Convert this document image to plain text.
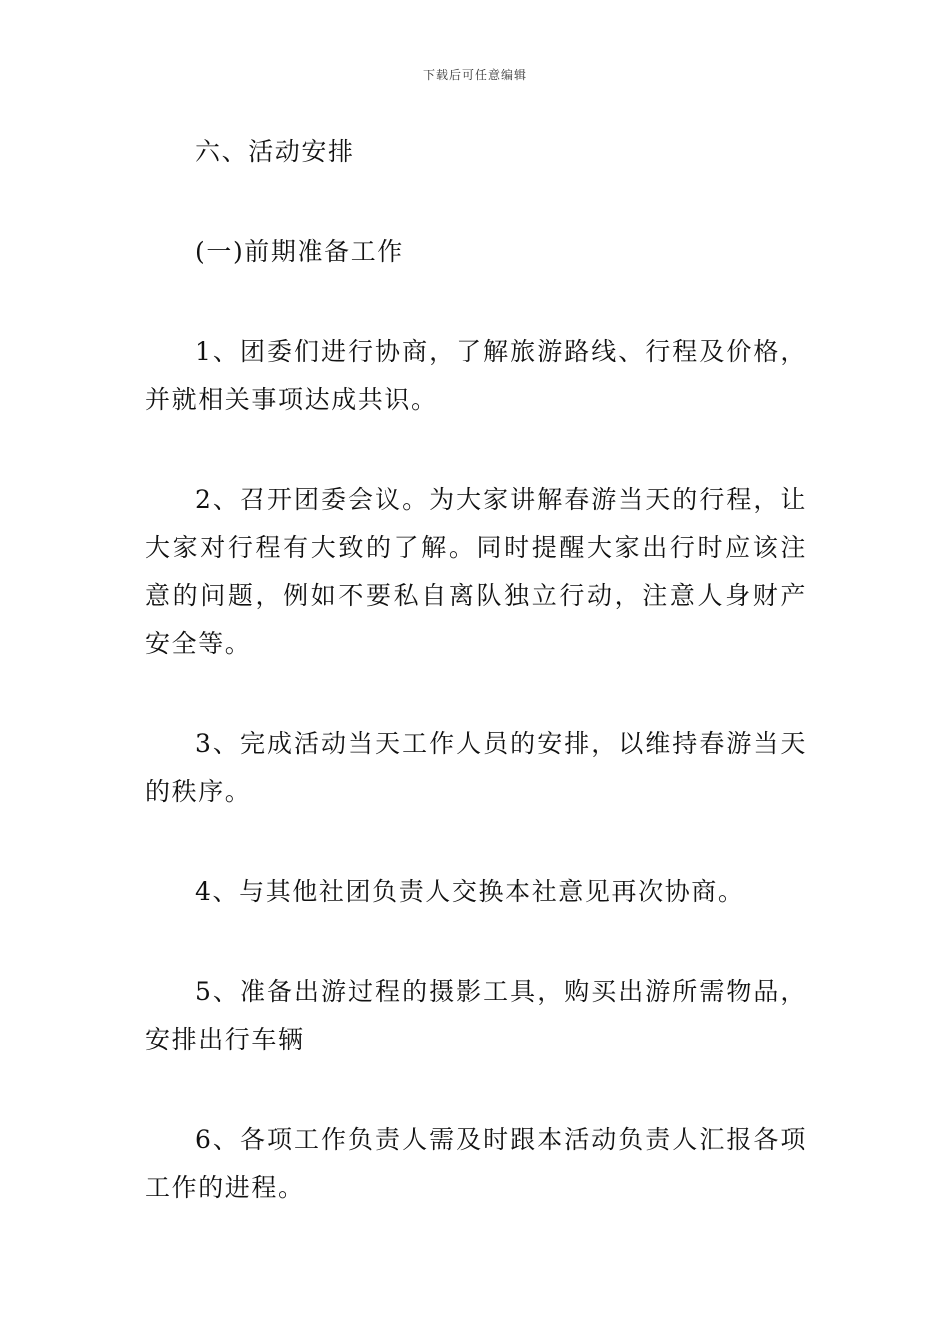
下载后可任意编辑

六、活动安排

(一)前期准备工作

1、团委们进行协商，了解旅游路线、行程及价格，并就相关事项达成共识。

2、召开团委会议。为大家讲解春游当天的行程，让大家对行程有大致的了解。同时提醒大家出行时应该注意的问题，例如不要私自离队独立行动，注意人身财产安全等。

3、完成活动当天工作人员的安排，以维持春游当天的秩序。

4、与其他社团负责人交换本社意见再次协商。

5、准备出游过程的摄影工具，购买出游所需物品，安排出行车辆

6、各项工作负责人需及时跟本活动负责人汇报各项工作的进程。
